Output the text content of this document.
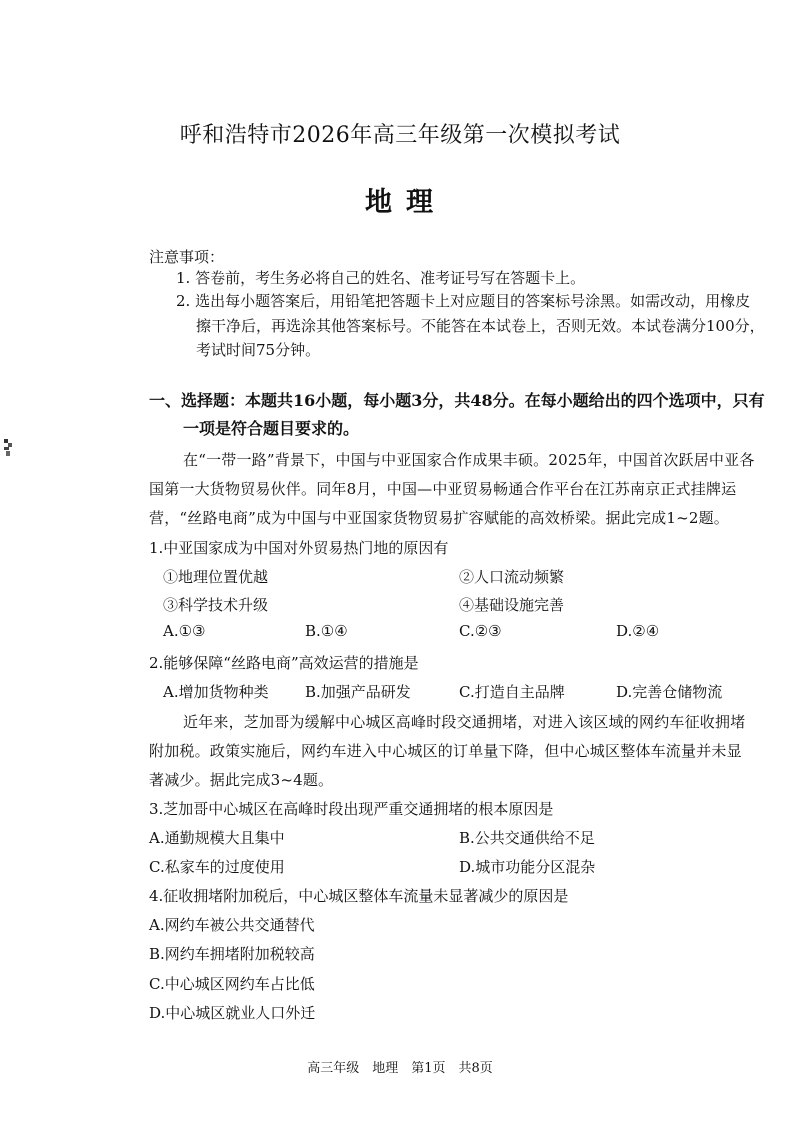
呼和浩特市2026年高三年级第一次模拟考试
地理
注意事项：
1. 答卷前，考生务必将自己的姓名、准考证号写在答题卡上。
2. 选出每小题答案后，用铅笔把答题卡上对应题目的答案标号涂黑。如需改动，用橡皮
擦干净后，再选涂其他答案标号。不能答在本试卷上，否则无效。本试卷满分100分，
考试时间75分钟。
一、选择题：本题共16小题，每小题3分，共48分。在每小题给出的四个选项中，只有
一项是符合题目要求的。
在“一带一路”背景下，中国与中亚国家合作成果丰硕。2025年，中国首次跃居中亚各
国第一大货物贸易伙伴。同年8月，中国—中亚贸易畅通合作平台在江苏南京正式挂牌运
营，“丝路电商”成为中国与中亚国家货物贸易扩容赋能的高效桥梁。据此完成1~2题。
1.中亚国家成为中国对外贸易热门地的原因有
①地理位置优越	②人口流动频繁
③科学技术升级	④基础设施完善
A.①③	B.①④	C.②③	D.②④
2.能够保障“丝路电商”高效运营的措施是
A.增加货物种类 B.加强产品研发	C.打造自主品牌	D.完善仓储物流
近年来，芝加哥为缓解中心城区高峰时段交通拥堵，对进入该区域的网约车征收拥堵
附加税。政策实施后，网约车进入中心城区的订单量下降，但中心城区整体车流量并未显
著减少。据此完成3~4题。
3.芝加哥中心城区在高峰时段出现严重交通拥堵的根本原因是
A.通勤规模大且集中	B.公共交通供给不足
C.私家车的过度使用	D.城市功能分区混杂
4.征收拥堵附加税后，中心城区整体车流量未显著减少的原因是
A.网约车被公共交通替代
B.网约车拥堵附加税较高
C.中心城区网约车占比低
D.中心城区就业人口外迁
高三年级　地理　第1页　共8页
